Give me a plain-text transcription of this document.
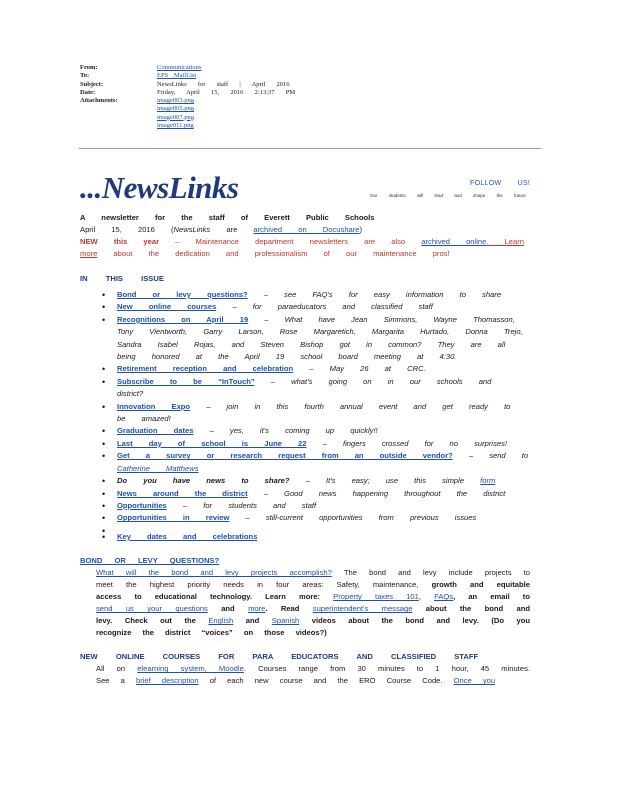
From:	Communications
To:	EPS MailList
Subject:	NewsLinks  for  staff  |  April  2016
Date:	Friday,  April  15,  2016  2:13:37  PM
Attachments:	image003.png
image005.png
image007.png
image011.png
...NewsLinks	FOLLOW US!
Our students will lead and shape the future.
A newsletter for the staff of Everett Public Schools
April 15, 2016 (NewsLinks are archived on Docushare)
NEW this year – Maintenance department newsletters are also archived online. Learn more about the dedication and professionalism of our maintenance pros!
IN THIS ISSUE
• Bond or levy questions? – see FAQ's for easy information to share
• New online courses – for paraeducators and classified staff
• Recognitions on April 19 – What have Jean Simmons, Wayne Thomasson, Tony Vientworth, Garry Larson, Rose Margaretich, Margarita Hurtado, Donna Trejo, Sandra Isabel Rojas, and Steven Bishop got in common? They are all being honored at the April 19 school board meeting at 4:30.
• Retirement reception and celebration – May 26 at CRC.
• Subscribe to be “InTouch” – what's going on in our schools and district?
• Innovation Expo – join in this fourth annual event and get ready to be amazed!
• Graduation dates – yes, it's coming up quickly!!
• Last day of school is June 22 – fingers crossed for no surprises!
• Get a survey or research request from an outside vendor? – send to Catherine Matthews
• Do you have news to share? – It's easy; use this simple form
• News around the district – Good news happening throughout the district
• Opportunities – for students and staff
• Opportunities in review – still-current opportunities from previous issues
•
• Key dates and celebrations
BOND OR LEVY QUESTIONS?
What will the bond and levy projects accomplish? The bond and levy include projects to meet the highest priority needs in four areas: Safety, maintenance, growth and equitable access to educational technology. Learn more: Property taxes 101, FAQs, an email to send us your questions and more. Read superintendent's message about the bond and levy. Check out the English and Spanish videos about the bond and levy. (Do you recognize the district “voices” on those videos?)
NEW ONLINE COURSES FOR PARA EDUCATORS AND CLASSIFIED STAFF
All on elearning system, Moodle. Courses range from 30 minutes to 1 hour, 45 minutes. See a brief description of each new course and the ERO Course Code. Once you
